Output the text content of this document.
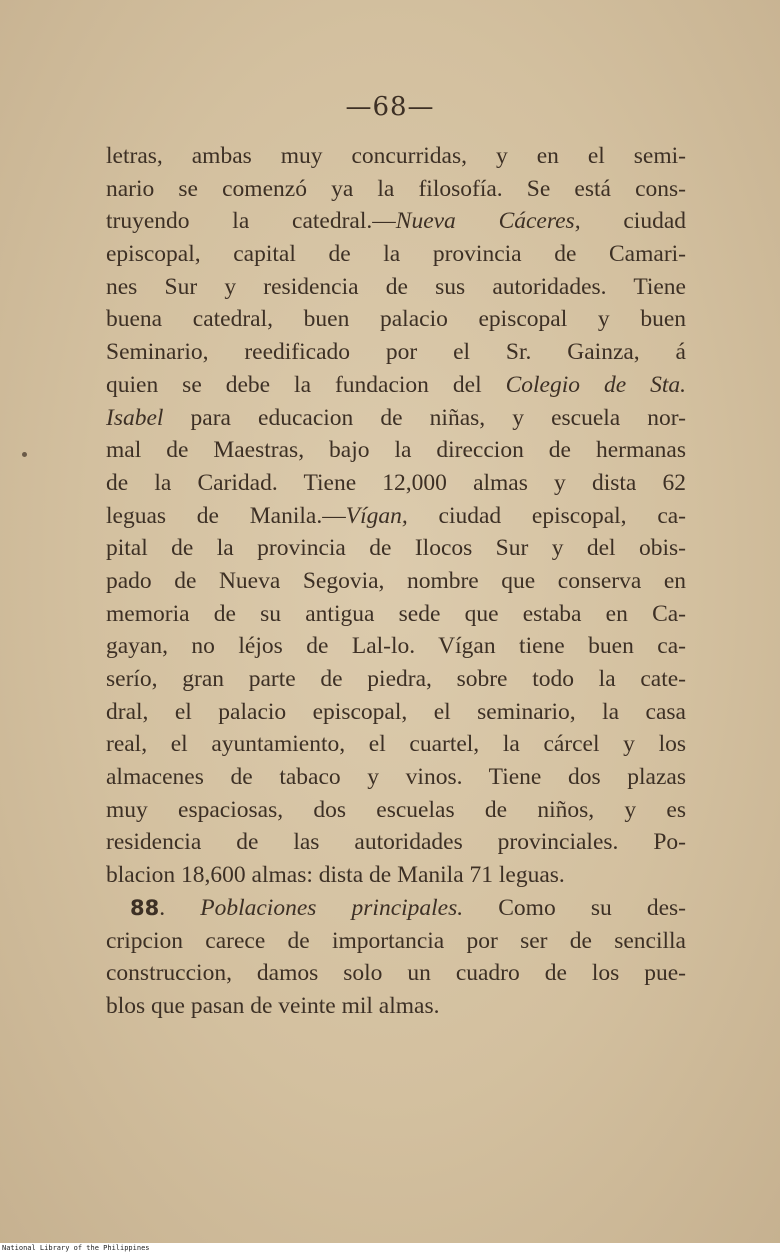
—68—
letras, ambas muy concurridas, y en el semi-
nario se comenzó ya la filosofía. Se está cons-
truyendo la catedral.—Nueva Cáceres, ciudad
episcopal, capital de la provincia de Camari-
nes Sur y residencia de sus autoridades. Tiene
buena catedral, buen palacio episcopal y buen
Seminario, reedificado por el Sr. Gainza, á
quien se debe la fundacion del Colegio de Sta.
Isabel para educacion de niñas, y escuela nor-
mal de Maestras, bajo la direccion de hermanas
de la Caridad. Tiene 12,000 almas y dista 62
leguas de Manila.—Vígan, ciudad episcopal, ca-
pital de la provincia de Ilocos Sur y del obis-
pado de Nueva Segovia, nombre que conserva en
memoria de su antigua sede que estaba en Ca-
gayan, no léjos de Lal-lo. Vígan tiene buen ca-
serío, gran parte de piedra, sobre todo la cate-
dral, el palacio episcopal, el seminario, la casa
real, el ayuntamiento, el cuartel, la cárcel y los
almacenes de tabaco y vinos. Tiene dos plazas
muy espaciosas, dos escuelas de niños, y es
residencia de las autoridades provinciales. Po-
blacion 18,600 almas: dista de Manila 71 leguas.
88. Poblaciones principales. Como su des-
cripcion carece de importancia por ser de sencilla
construccion, damos solo un cuadro de los pue-
blos que pasan de veinte mil almas.
National Library of the Philippines
